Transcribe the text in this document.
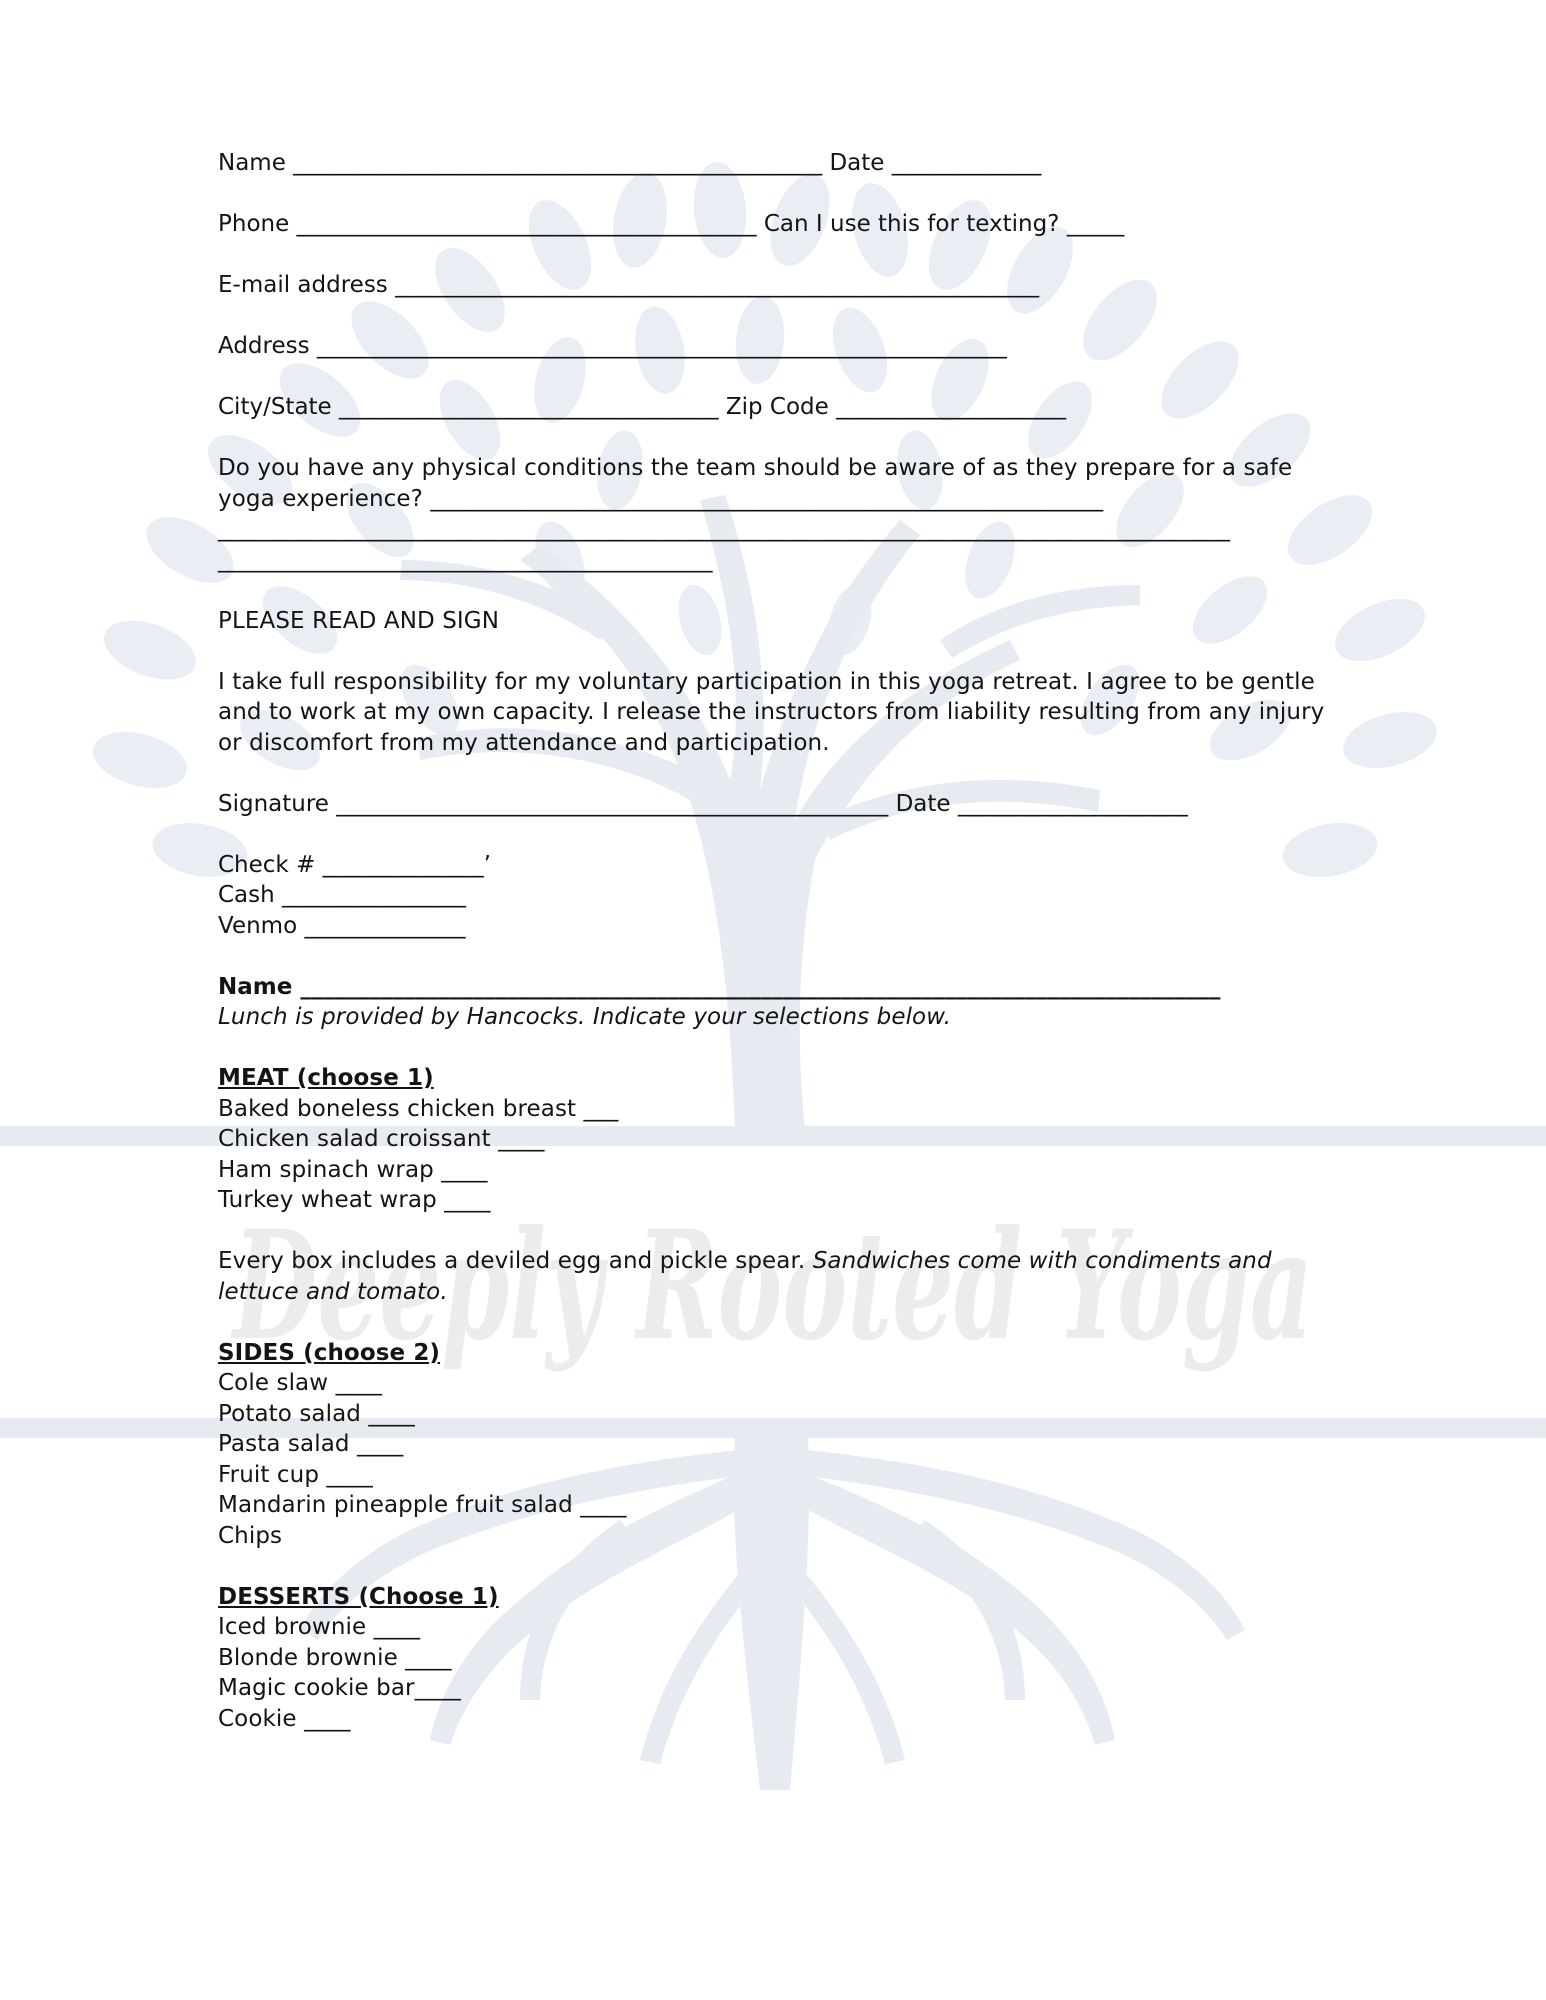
Deeply Rooted Yoga
Name ______________________________________________ Date _____________
Phone ________________________________________ Can I use this for texting? _____
E-mail address ________________________________________________________
Address ____________________________________________________________
City/State _________________________________ Zip Code ____________________
Do you have any physical conditions the team should be aware of as they prepare for a safe yoga experience? __________________________________________________________
________________________________________________________________________________________
___________________________________________
PLEASE READ AND SIGN
I take full responsibility for my voluntary participation in this yoga retreat. I agree to be gentle and to work at my own capacity. I release the instructors from liability resulting from any injury or discomfort from my attendance and participation.
Signature ________________________________________________ Date ____________________
Check # ______________’
Cash ________________
Venmo ______________
Name ________________________________________________________________________________
Lunch is provided by Hancocks. Indicate your selections below.
MEAT (choose 1)
Baked boneless chicken breast ___
Chicken salad croissant ____
Ham spinach wrap ____
Turkey wheat wrap ____
Every box includes a deviled egg and pickle spear. Sandwiches come with condiments and lettuce and tomato.
SIDES (choose 2)
Cole slaw ____
Potato salad ____
Pasta salad ____
Fruit cup ____
Mandarin pineapple fruit salad ____
Chips
DESSERTS (Choose 1)
Iced brownie ____
Blonde brownie ____
Magic cookie bar____
Cookie ____
